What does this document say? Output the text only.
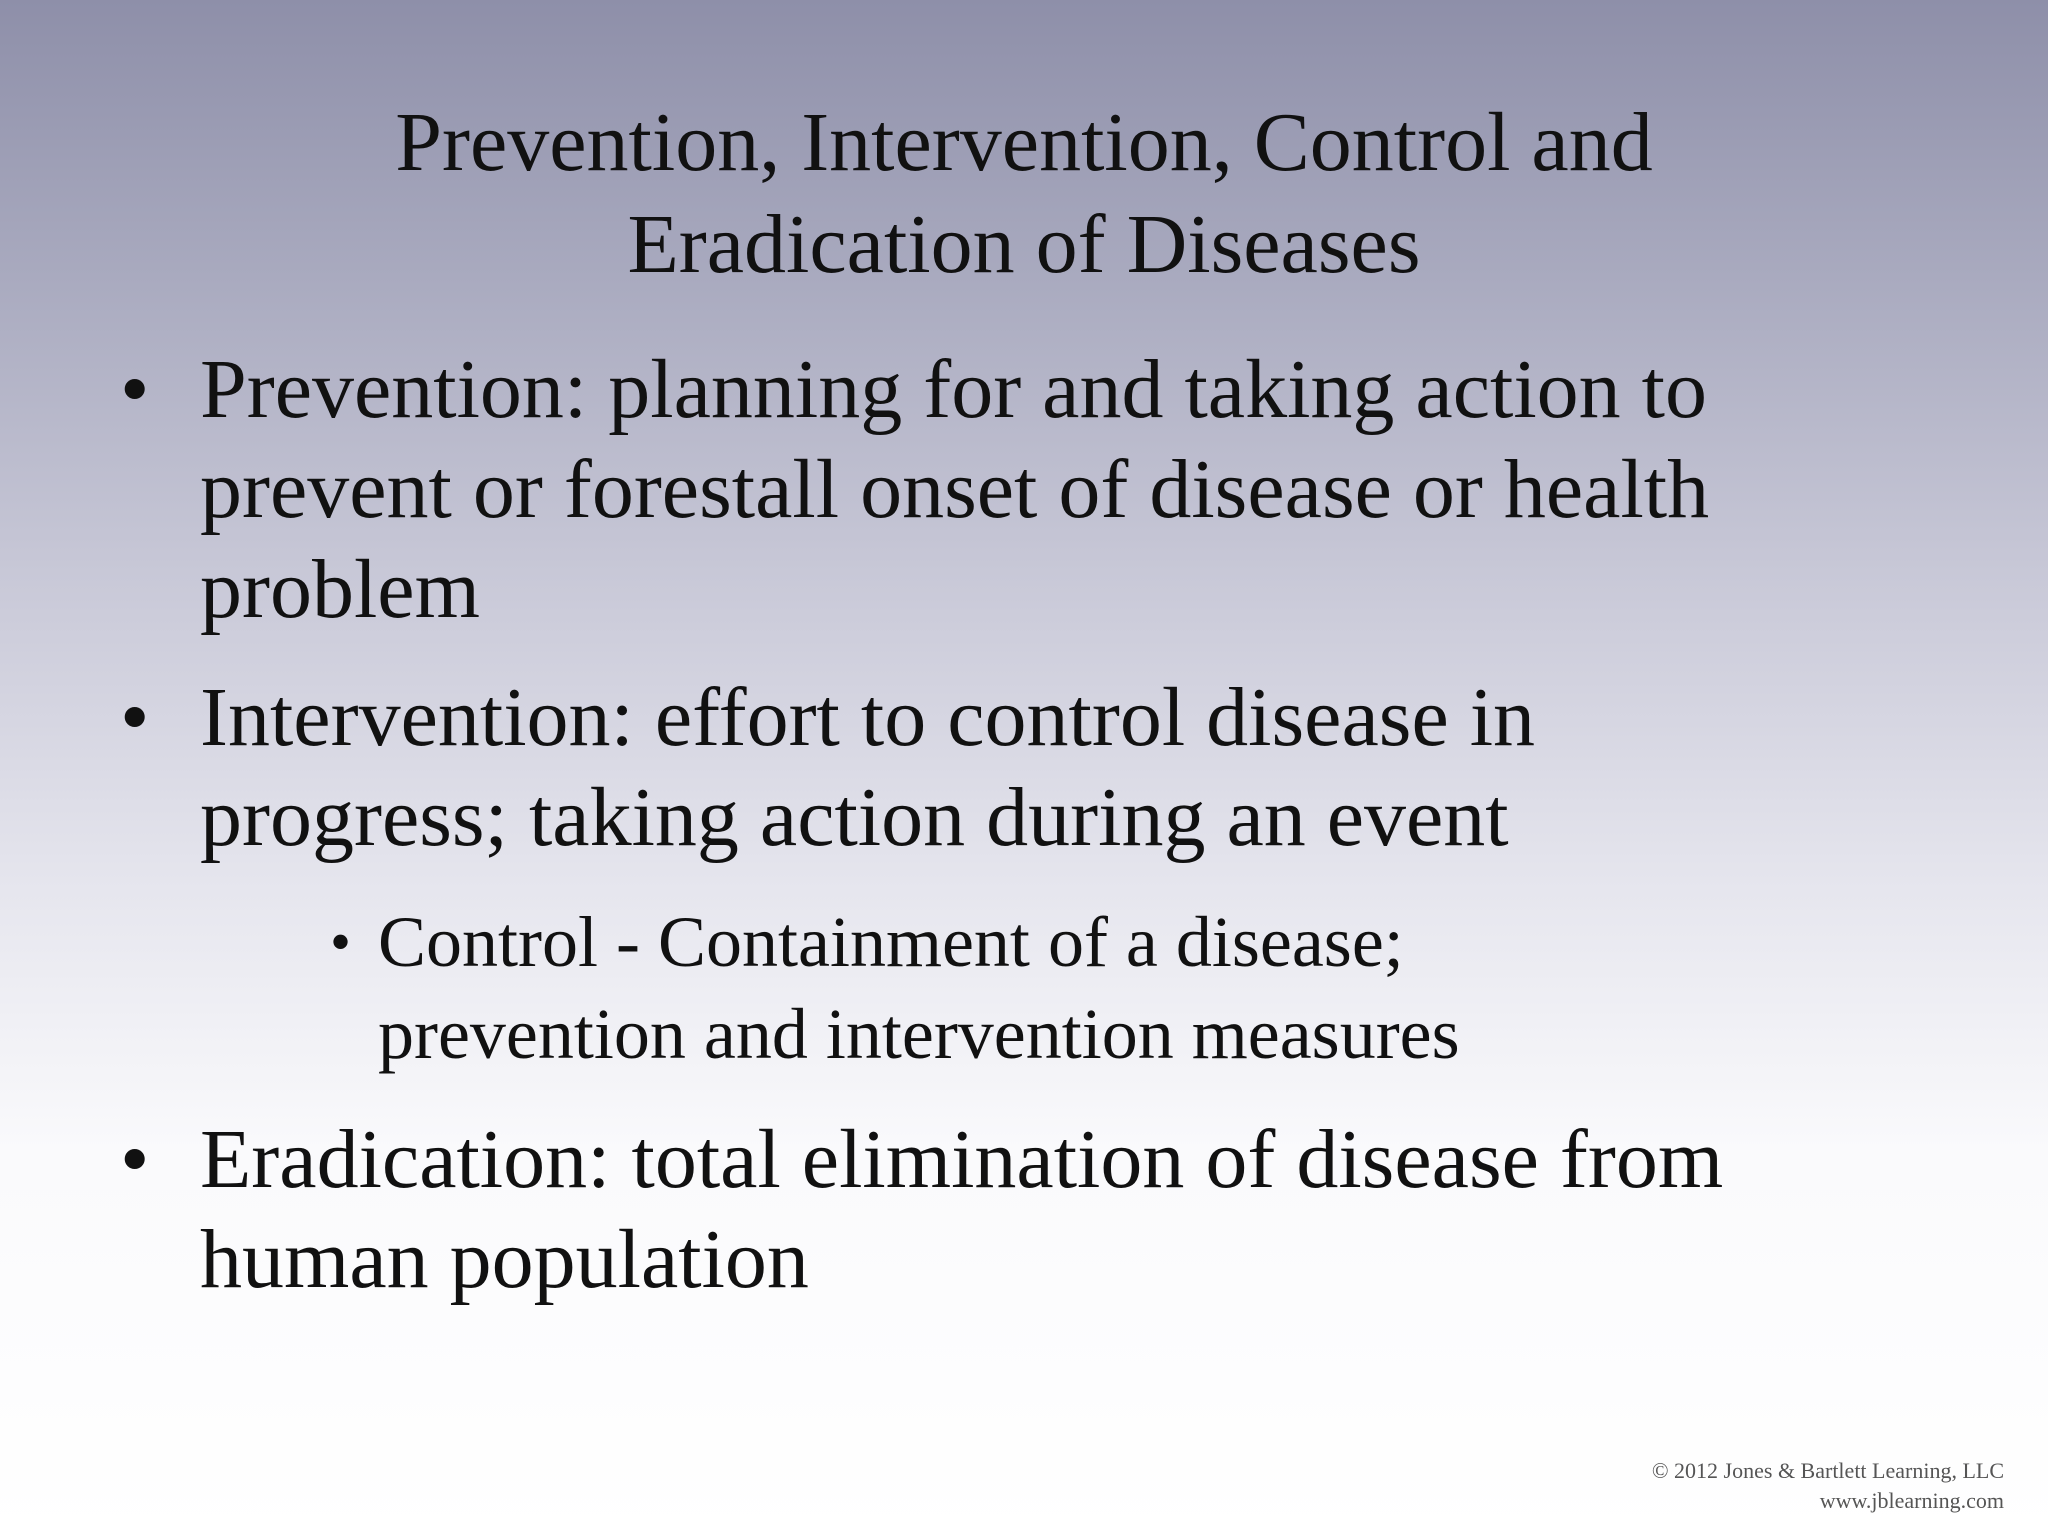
Prevention, Intervention, Control and
Eradication of Diseases
• Prevention: planning for and taking action to
prevent or forestall onset of disease or health
problem
• Intervention: effort to control disease in
progress; taking action during an event
• Control - Containment of a disease;
prevention and intervention measures
• Eradication: total elimination of disease from
human population
© 2012 Jones & Bartlett Learning, LLC
www.jblearning.com
